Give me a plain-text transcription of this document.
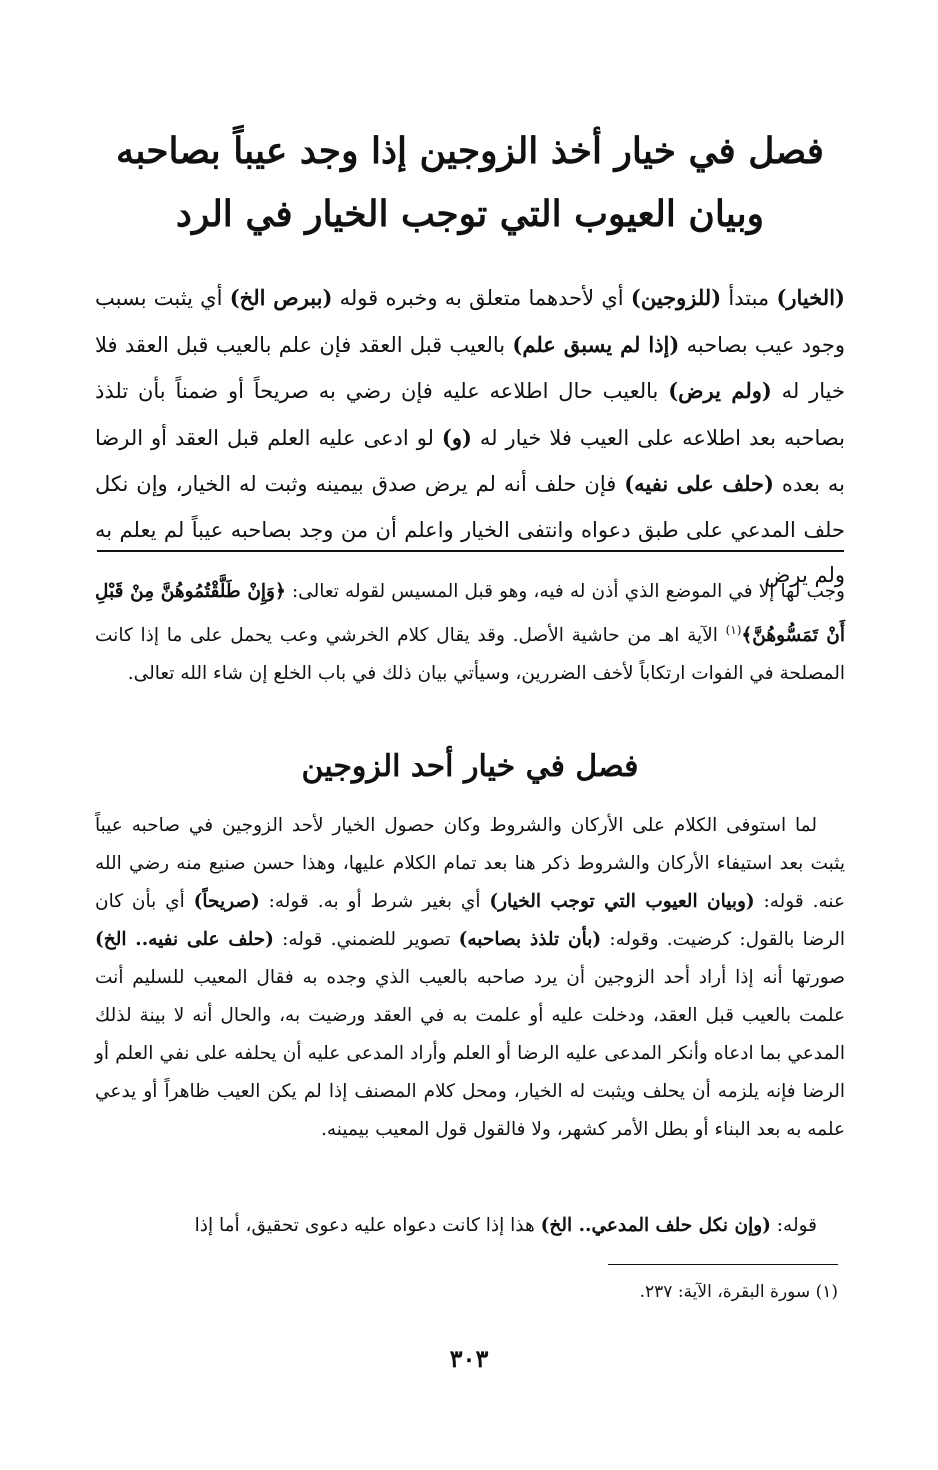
فصل في خيار أخذ الزوجين إذا وجد عيباً بصاحبه
وبيان العيوب التي توجب الخيار في الرد

(الخيار) مبتدأ (للزوجين) أي لأحدهما متعلق به وخبره قوله (ببرص الخ) أي يثبت بسبب وجود عيب بصاحبه (إذا لم يسبق علم) بالعيب قبل العقد فإن علم بالعيب قبل العقد فلا خيار له (ولم يرض) بالعيب حال اطلاعه عليه فإن رضي به صريحاً أو ضمناً بأن تلذذ بصاحبه بعد اطلاعه على العيب فلا خيار له (و) لو ادعى عليه العلم قبل العقد أو الرضا به بعده (حلف على نفيه) فإن حلف أنه لم يرض صدق بيمينه وثبت له الخيار، وإن نكل حلف المدعي على طبق دعواه وانتفى الخيار واعلم أن من وجد بصاحبه عيباً لم يعلم به ولم يرض

وجب لها إلا في الموضع الذي أذن له فيه، وهو قبل المسيس لقوله تعالى: ﴿وَإِنْ طَلَّقْتُمُوهُنَّ مِنْ قَبْلِ أَنْ تَمَسُّوهُنَّ﴾$^{(١)}$ الآية اهـ من حاشية الأصل. وقد يقال كلام الخرشي وعب يحمل على ما إذا كانت المصلحة في الفوات ارتكاباً لأخف الضررين، وسيأتي بيان ذلك في باب الخلع إن شاء الله تعالى.

فصل في خيار أحد الزوجين

لما استوفى الكلام على الأركان والشروط وكان حصول الخيار لأحد الزوجين في صاحبه عيباً يثبت بعد استيفاء الأركان والشروط ذكر هنا بعد تمام الكلام عليها، وهذا حسن صنيع منه رضي الله عنه. قوله: (وبيان العيوب التي توجب الخيار) أي بغير شرط أو به. قوله: (صريحاً) أي بأن كان الرضا بالقول: كرضيت. وقوله: (بأن تلذذ بصاحبه) تصوير للضمني. قوله: (حلف على نفيه.. الخ) صورتها أنه إذا أراد أحد الزوجين أن يرد صاحبه بالعيب الذي وجده به فقال المعيب للسليم أنت علمت بالعيب قبل العقد، ودخلت عليه أو علمت به في العقد ورضيت به، والحال أنه لا بينة لذلك المدعي بما ادعاه وأنكر المدعى عليه الرضا أو العلم وأراد المدعى عليه أن يحلفه على نفي العلم أو الرضا فإنه يلزمه أن يحلف ويثبت له الخيار، ومحل كلام المصنف إذا لم يكن العيب ظاهراً أو يدعي علمه به بعد البناء أو بطل الأمر كشهر، ولا فالقول قول المعيب بيمينه.

قوله: (وإن نكل حلف المدعي.. الخ) هذا إذا كانت دعواه عليه دعوى تحقيق، أما إذا

(١) سورة البقرة، الآية: ٢٣٧.
٣٠٣
